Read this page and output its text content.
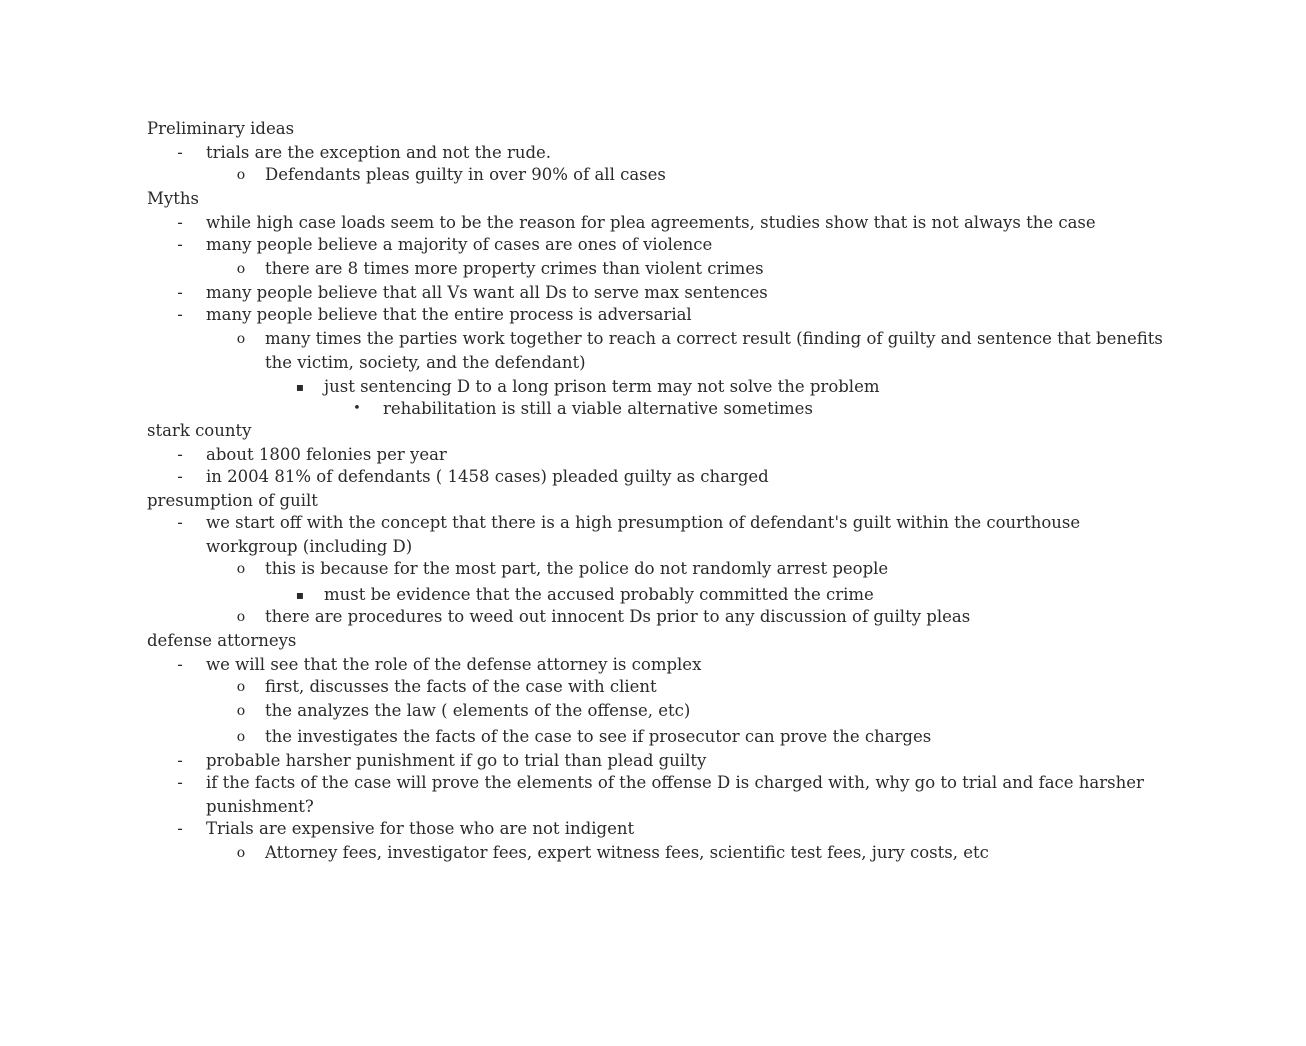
Preliminary ideas
-	trials are the exception and not the rude.
o	Defendants pleas guilty in over 90% of all cases
Myths
-	while high case loads seem to be the reason for plea agreements, studies show that is not always the case
-	many people believe a majority of cases are ones of violence
o	there are 8 times more property crimes than violent crimes
-	many people believe that all Vs want all Ds to serve max sentences
-	many people believe that the entire process is adversarial
o	many times the parties work together to reach a correct result (finding of guilty and sentence that benefits
the victim, society, and the defendant)
▪	just sentencing D to a long prison term may not solve the problem
•	rehabilitation is still a viable alternative sometimes
stark county
-	about 1800 felonies per year
-	in 2004 81% of defendants ( 1458 cases) pleaded guilty as charged
presumption of guilt
-	we start off with the concept that there is a high presumption of defendant's guilt within the courthouse
workgroup (including D)
o	this is because for the most part, the police do not randomly arrest people
▪	must be evidence that the accused probably committed the crime
o	there are procedures to weed out innocent Ds prior to any discussion of guilty pleas
defense attorneys
-	we will see that the role of the defense attorney is complex
o	first, discusses the facts of the case with client
o	the analyzes the law ( elements of the offense, etc)
o	the investigates the facts of the case to see if prosecutor can prove the charges
-	probable harsher punishment if go to trial than plead guilty
-	if the facts of the case will prove the elements of the offense D is charged with, why go to trial and face harsher
punishment?
-	Trials are expensive for those who are not indigent
o	Attorney fees, investigator fees, expert witness fees, scientific test fees, jury costs, etc
